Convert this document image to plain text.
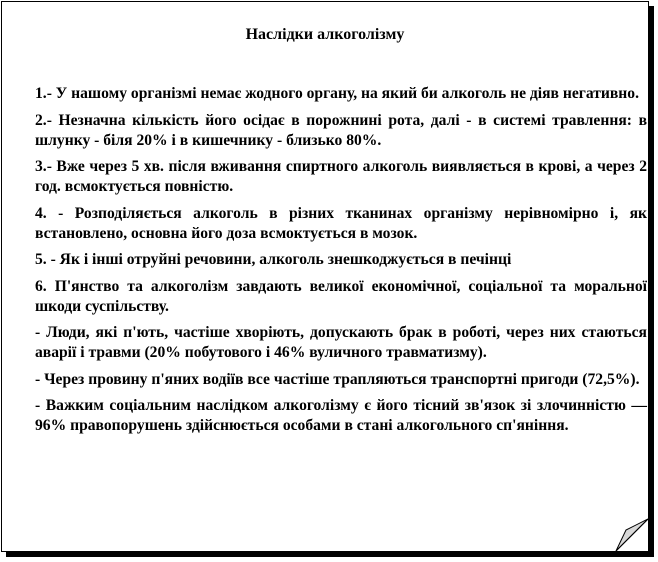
Наслідки алкоголізму

1.- У нашому організмі немає жодного органу, на який би алкоголь не діяв негативно.

2.- Незначна кількість його осідає в порожнині рота, далі - в системі травлення: в шлунку - біля 20% і в кишечнику - близько 80%.

3.- Вже через 5 хв. після вживання спиртного алкоголь виявляється в крові, а через 2 год. всмоктується повністю.

4. - Розподіляється алкоголь в різних тканинах організму нерівномірно і, як встановлено, основна його доза всмоктується в мозок.

5. - Як і інші отруйні речовини, алкоголь знешкоджується в печінці

6. П'янство та алкоголізм завдають великої економічної, соціальної та моральної шкоди суспільству.

- Люди, які п'ють, частіше хворіють, допускають брак в роботі, через них стаються аварії і травми (20% побутового і 46% вуличного травматизму).

- Через провину п'яних водіїв все частіше трапляються транспортні пригоди (72,5%).

- Важким соціальним наслідком алкоголізму є його тісний зв'язок зі злочинністю — 96% правопорушень здійснюється особами в стані алкогольного сп'яніння.
